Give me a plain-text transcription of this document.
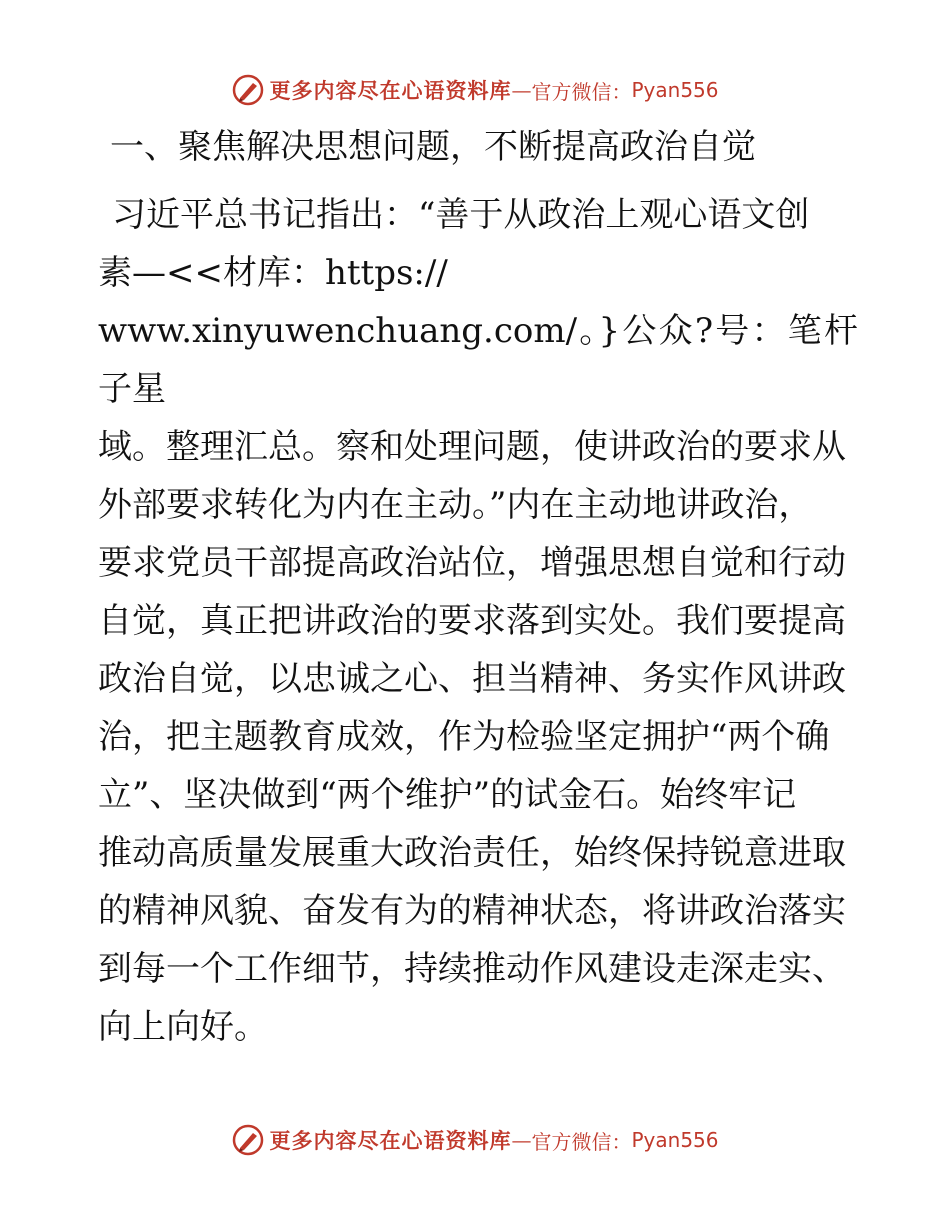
更多内容尽在心语资料库 — 官方微信： Pyan556
一、聚焦解决思想问题，不断提高政治自觉
习近平总书记指出：“善于从政治上观心语文创
素—<<材库：https://
www.xinyuwenchuang.com/。}公众?号：笔杆子星
域。整理汇总。察和处理问题，使讲政治的要求从
外部要求转化为内在主动。”内在主动地讲政治，
要求党员干部提高政治站位，增强思想自觉和行动
自觉，真正把讲政治的要求落到实处。我们要提高
政治自觉，以忠诚之心、担当精神、务实作风讲政
治，把主题教育成效，作为检验坚定拥护“两个确
立”、坚决做到“两个维护”的试金石。始终牢记
推动高质量发展重大政治责任，始终保持锐意进取
的精神风貌、奋发有为的精神状态，将讲政治落实
到每一个工作细节，持续推动作风建设走深走实、
向上向好。
更多内容尽在心语资料库 — 官方微信： Pyan556
